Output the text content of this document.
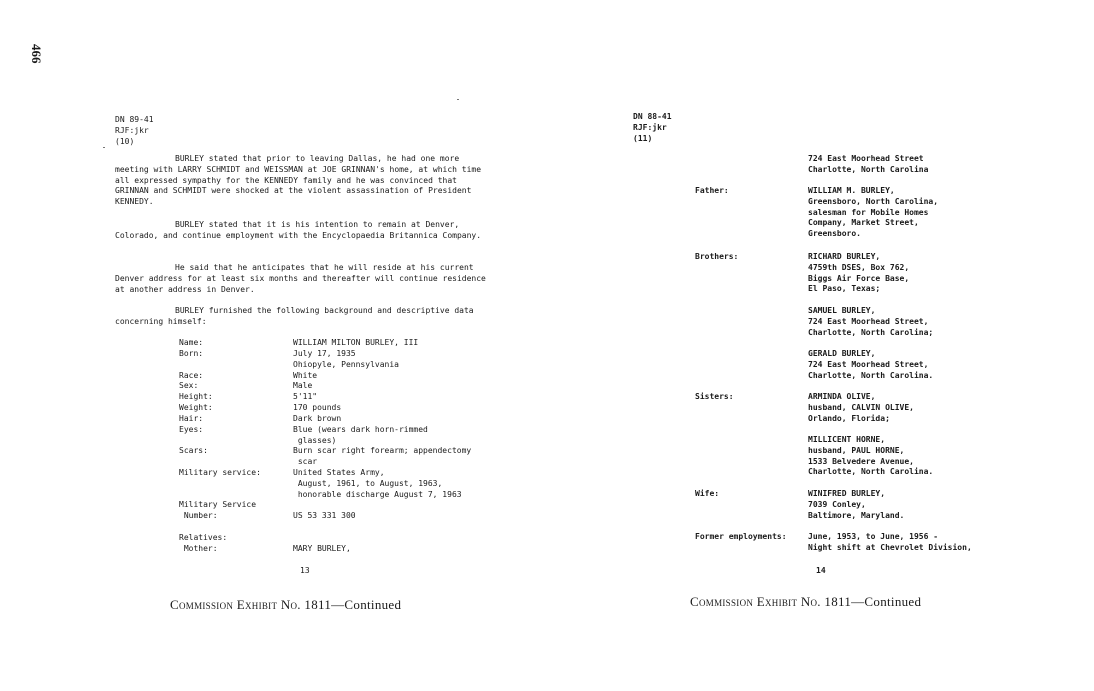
466
DN 89-41
RJF:jkr
(10)

BURLEY stated that prior to leaving Dallas, he had one more meeting with LARRY SCHMIDT and WEISSMAN at JOE GRINNAN's home, at which time all expressed sympathy for the KENNEDY family and he was convinced that GRINNAN and SCHMIDT were shocked at the violent assassination of President KENNEDY.

BURLEY stated that it is his intention to remain at Denver, Colorado, and continue employment with the Encyclopaedia Britannica Company.

He said that he anticipates that he will reside at his current Denver address for at least six months and thereafter will continue residence at another address in Denver.

BURLEY furnished the following background and descriptive data concerning himself:

Name:	WILLIAM MILTON BURLEY, III
Born:	July 17, 1935
Ohiopyle, Pennsylvania
Race:	White
Sex:	Male
Height:	5'11"
Weight:	170 pounds
Hair:	Dark brown
Eyes:	Blue (wears dark horn-rimmed
glasses)
Scars:	Burn scar right forearm; appendectomy
scar
Military service:	United States Army,
August, 1961, to August, 1963,
honorable discharge August 7, 1963
Military Service
Number:	
US 53 331 300
Relatives:
Mother:	
MARY BURLEY,
13
Commission Exhibit No. 1811—Continued
DN 88-41
RJF:jkr
(11)
724 East Moorhead Street
Charlotte, North Carolina
Father:	WILLIAM M. BURLEY,
Greensboro, North Carolina,
salesman for Mobile Homes
Company, Market Street,
Greensboro.
Brothers:	RICHARD BURLEY,
4759th DSES, Box 762,
Biggs Air Force Base,
El Paso, Texas;
SAMUEL BURLEY,
724 East Moorhead Street,
Charlotte, North Carolina;
GERALD BURLEY,
724 East Moorhead Street,
Charlotte, North Carolina.
Sisters:	ARMINDA OLIVE,
husband, CALVIN OLIVE,
Orlando, Florida;
MILLICENT HORNE,
husband, PAUL HORNE,
1533 Belvedere Avenue,
Charlotte, North Carolina.
Wife:	WINIFRED BURLEY,
7039 Conley,
Baltimore, Maryland.
Former employments:	June, 1953, to June, 1956 -
Night shift at Chevrolet Division,
14
Commission Exhibit No. 1811—Continued
